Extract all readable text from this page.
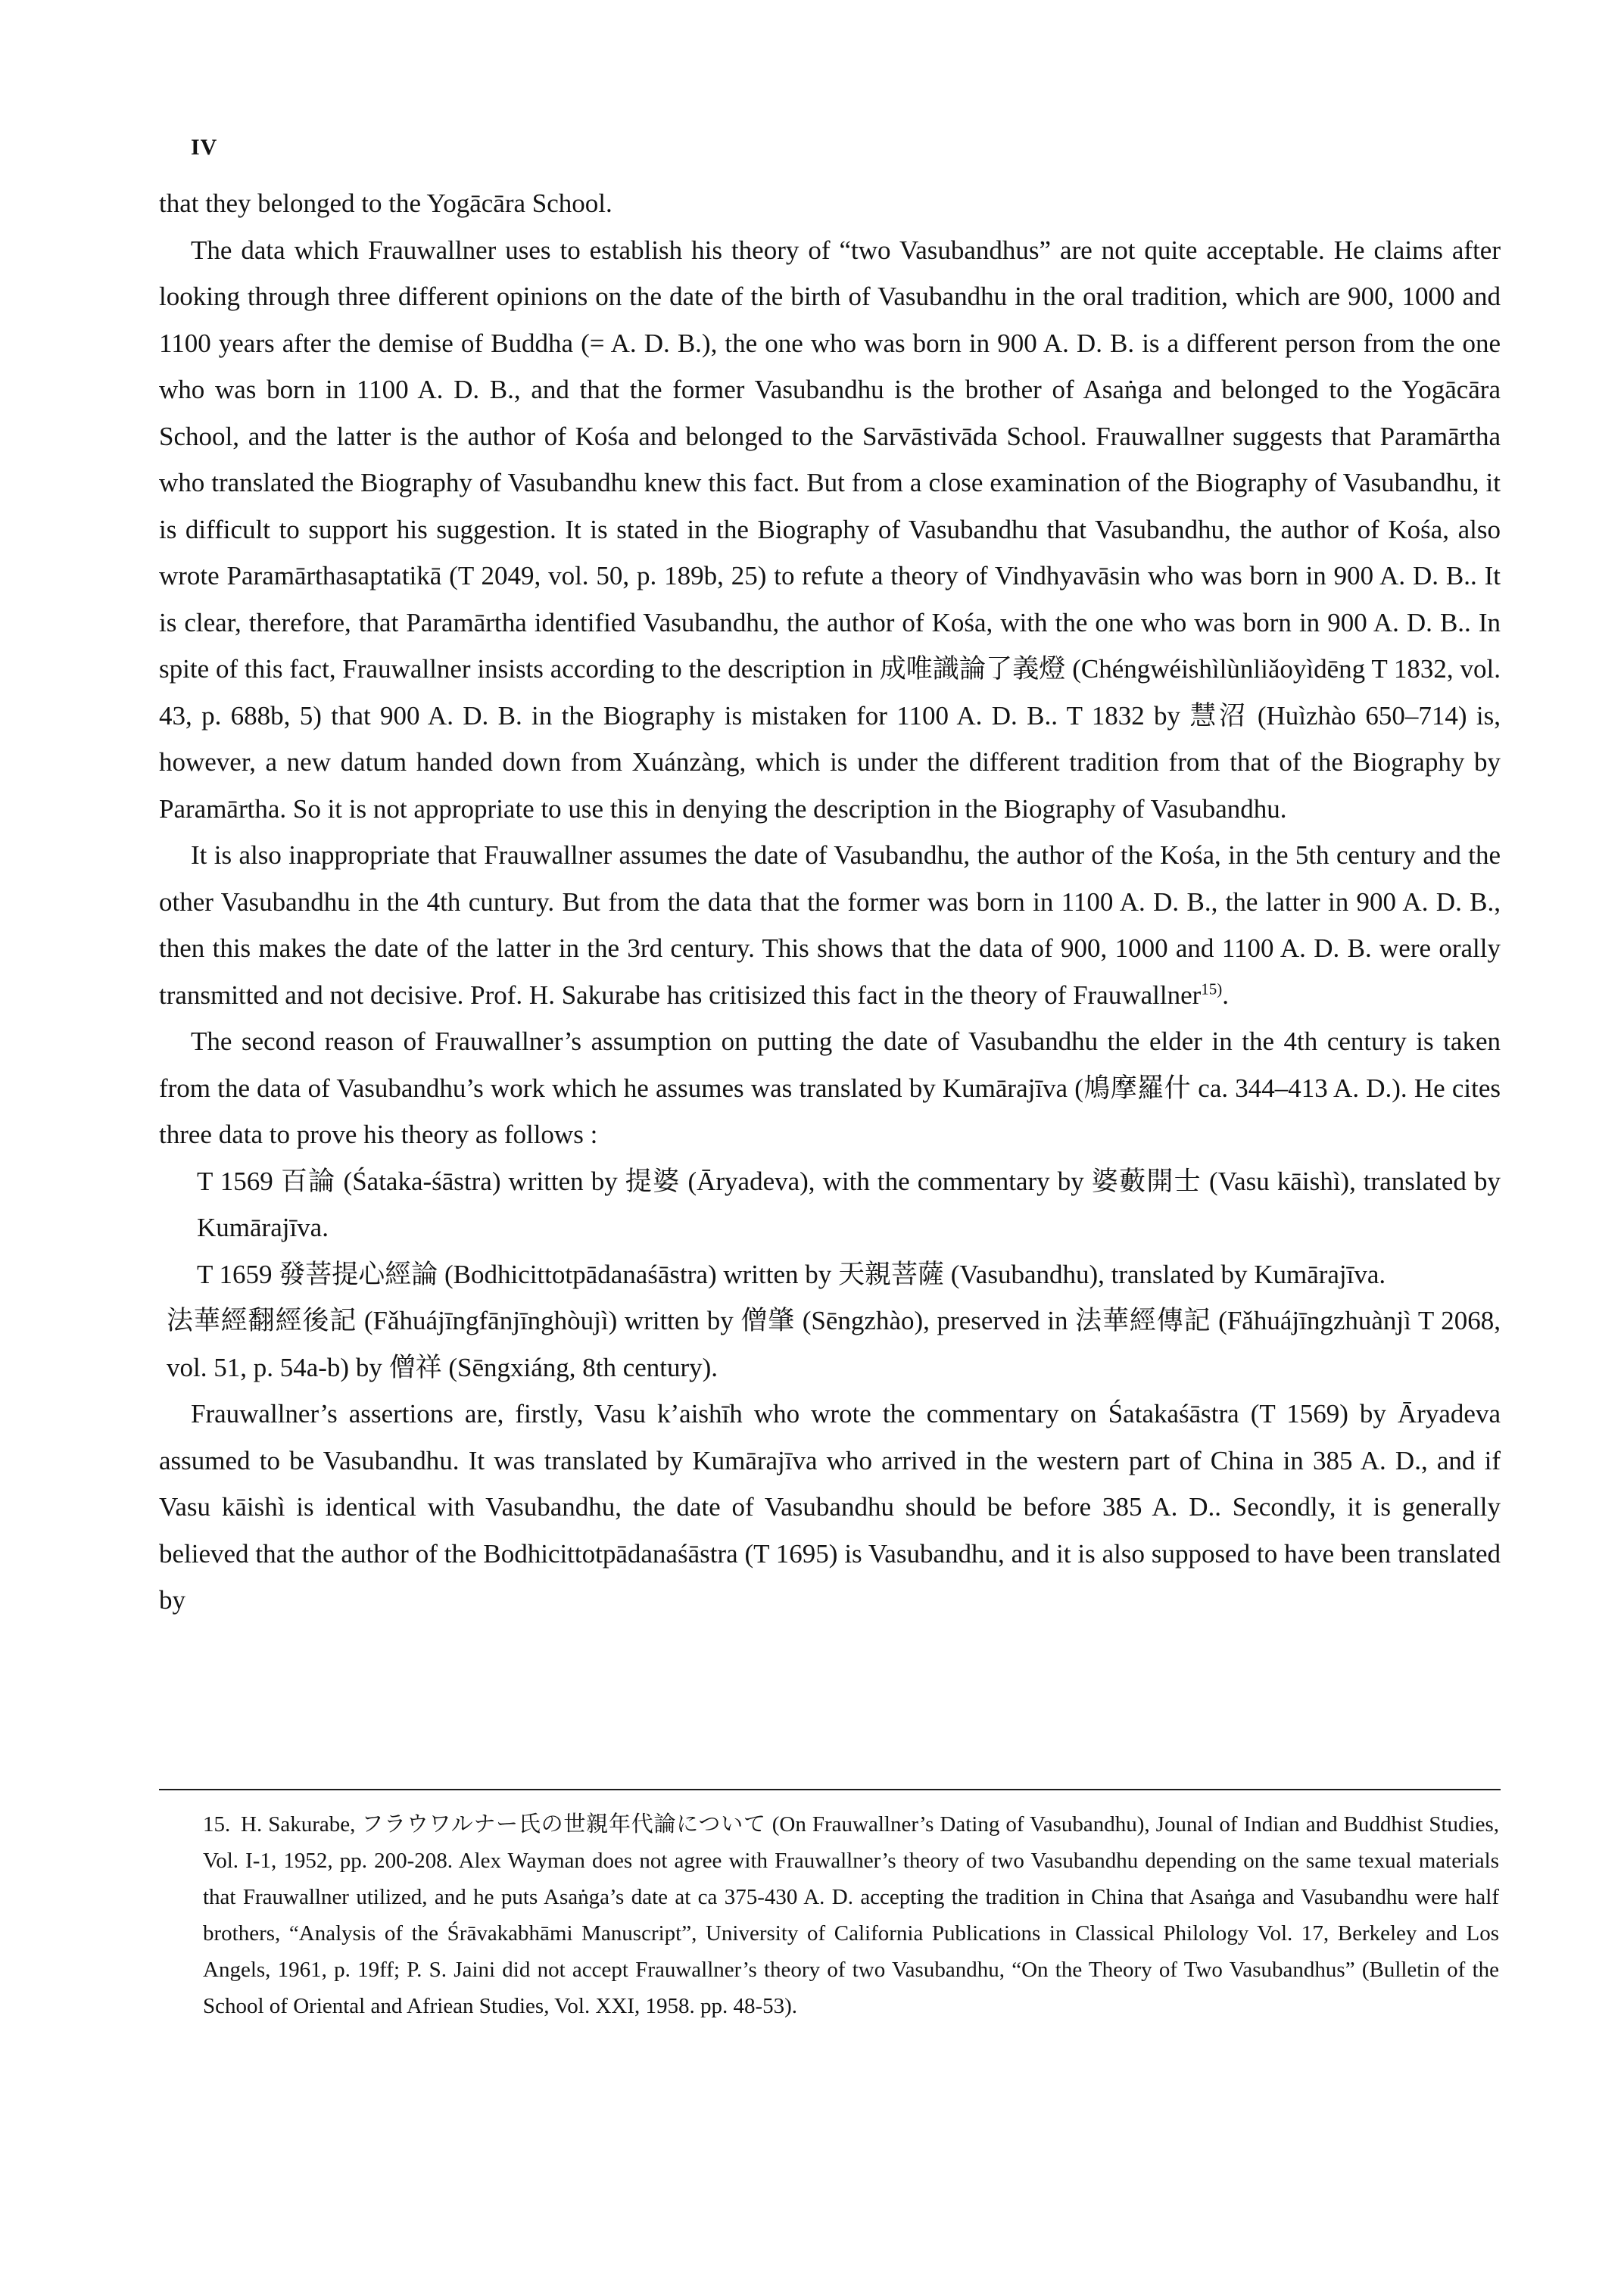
IV

that they belonged to the Yogācāra School.

The data which Frauwallner uses to establish his theory of “two Vasubandhus” are not quite acceptable. He claims after looking through three different opinions on the date of the birth of Vasubandhu in the oral tradition, which are 900, 1000 and 1100 years after the demise of Buddha (= A. D. B.), the one who was born in 900 A. D. B. is a different person from the one who was born in 1100 A. D. B., and that the former Vasubandhu is the brother of Asaṅga and belonged to the Yogācāra School, and the latter is the author of Kośa and belonged to the Sarvāstivāda School. Frauwallner suggests that Paramārtha who translated the Biography of Vasubandhu knew this fact. But from a close examination of the Biography of Vasubandhu, it is difficult to support his suggestion. It is stated in the Biography of Vasubandhu that Vasubandhu, the author of Kośa, also wrote Paramārthasaptatikā (T 2049, vol. 50, p. 189b, 25) to refute a theory of Vindhyavāsin who was born in 900 A. D. B.. It is clear, therefore, that Paramārtha identified Vasubandhu, the author of Kośa, with the one who was born in 900 A. D. B.. In spite of this fact, Frauwallner insists according to the description in 成唯識論了義燈 (Chéngwéishìlùnliǎoyìdēng T 1832, vol. 43, p. 688b, 5) that 900 A. D. B. in the Biography is mistaken for 1100 A. D. B.. T 1832 by 慧沼 (Huìzhào 650–714) is, however, a new datum handed down from Xuánzàng, which is under the different tradition from that of the Biography by Paramārtha. So it is not appropriate to use this in denying the description in the Biography of Vasubandhu.

It is also inappropriate that Frauwallner assumes the date of Vasubandhu, the author of the Kośa, in the 5th century and the other Vasubandhu in the 4th cuntury. But from the data that the former was born in 1100 A. D. B., the latter in 900 A. D. B., then this makes the date of the latter in the 3rd century. This shows that the data of 900, 1000 and 1100 A. D. B. were orally transmitted and not decisive. Prof. H. Sakurabe has critisized this fact in the theory of Frauwallner$^{15)}$.

The second reason of Frauwallner’s assumption on putting the date of Vasubandhu the elder in the 4th century is taken from the data of Vasubandhu’s work which he assumes was translated by Kumārajīva (鳩摩羅什 ca. 344–413 A. D.). He cites three data to prove his theory as follows :

T 1569 百論 (Śataka-śāstra) written by 提婆 (Āryadeva), with the commentary by 婆藪開士 (Vasu kāishì), translated by Kumārajīva.

T 1659 發菩提心經論 (Bodhicittotpādanaśāstra) written by 天親菩薩 (Vasubandhu), translated by Kumārajīva.

法華經翻經後記 (Fǎhuájīngfānjīnghòujì) written by 僧肇 (Sēngzhào), preserved in 法華經傳記 (Fǎhuájīngzhuànjì T 2068, vol. 51, p. 54a-b) by 僧祥 (Sēngxiáng, 8th century).

Frauwallner’s assertions are, firstly, Vasu k’aishīh who wrote the commentary on Śatakaśāstra (T 1569) by Āryadeva assumed to be Vasubandhu. It was translated by Kumārajīva who arrived in the western part of China in 385 A. D., and if Vasu kāishì is identical with Vasubandhu, the date of Vasubandhu should be before 385 A. D.. Secondly, it is generally believed that the author of the Bodhicittotpādanaśāstra (T 1695) is Vasubandhu, and it is also supposed to have been translated by

15. H. Sakurabe, フラウワルナー氏の世親年代論について (On Frauwallner’s Dating of Vasubandhu), Jounal of Indian and Buddhist Studies, Vol. I-1, 1952, pp. 200-208. Alex Wayman does not agree with Frauwallner’s theory of two Vasubandhu depending on the same texual materials that Frauwallner utilized, and he puts Asaṅga’s date at ca 375-430 A. D. accepting the tradition in China that Asaṅga and Vasubandhu were half brothers, “Analysis of the Śrāvakabhāmi Manuscript”, University of California Publications in Classical Philology Vol. 17, Berkeley and Los Angels, 1961, p. 19ff; P. S. Jaini did not accept Frauwallner’s theory of two Vasubandhu, “On the Theory of Two Vasubandhus” (Bulletin of the School of Oriental and Afriean Studies, Vol. XXI, 1958. pp. 48-53).
